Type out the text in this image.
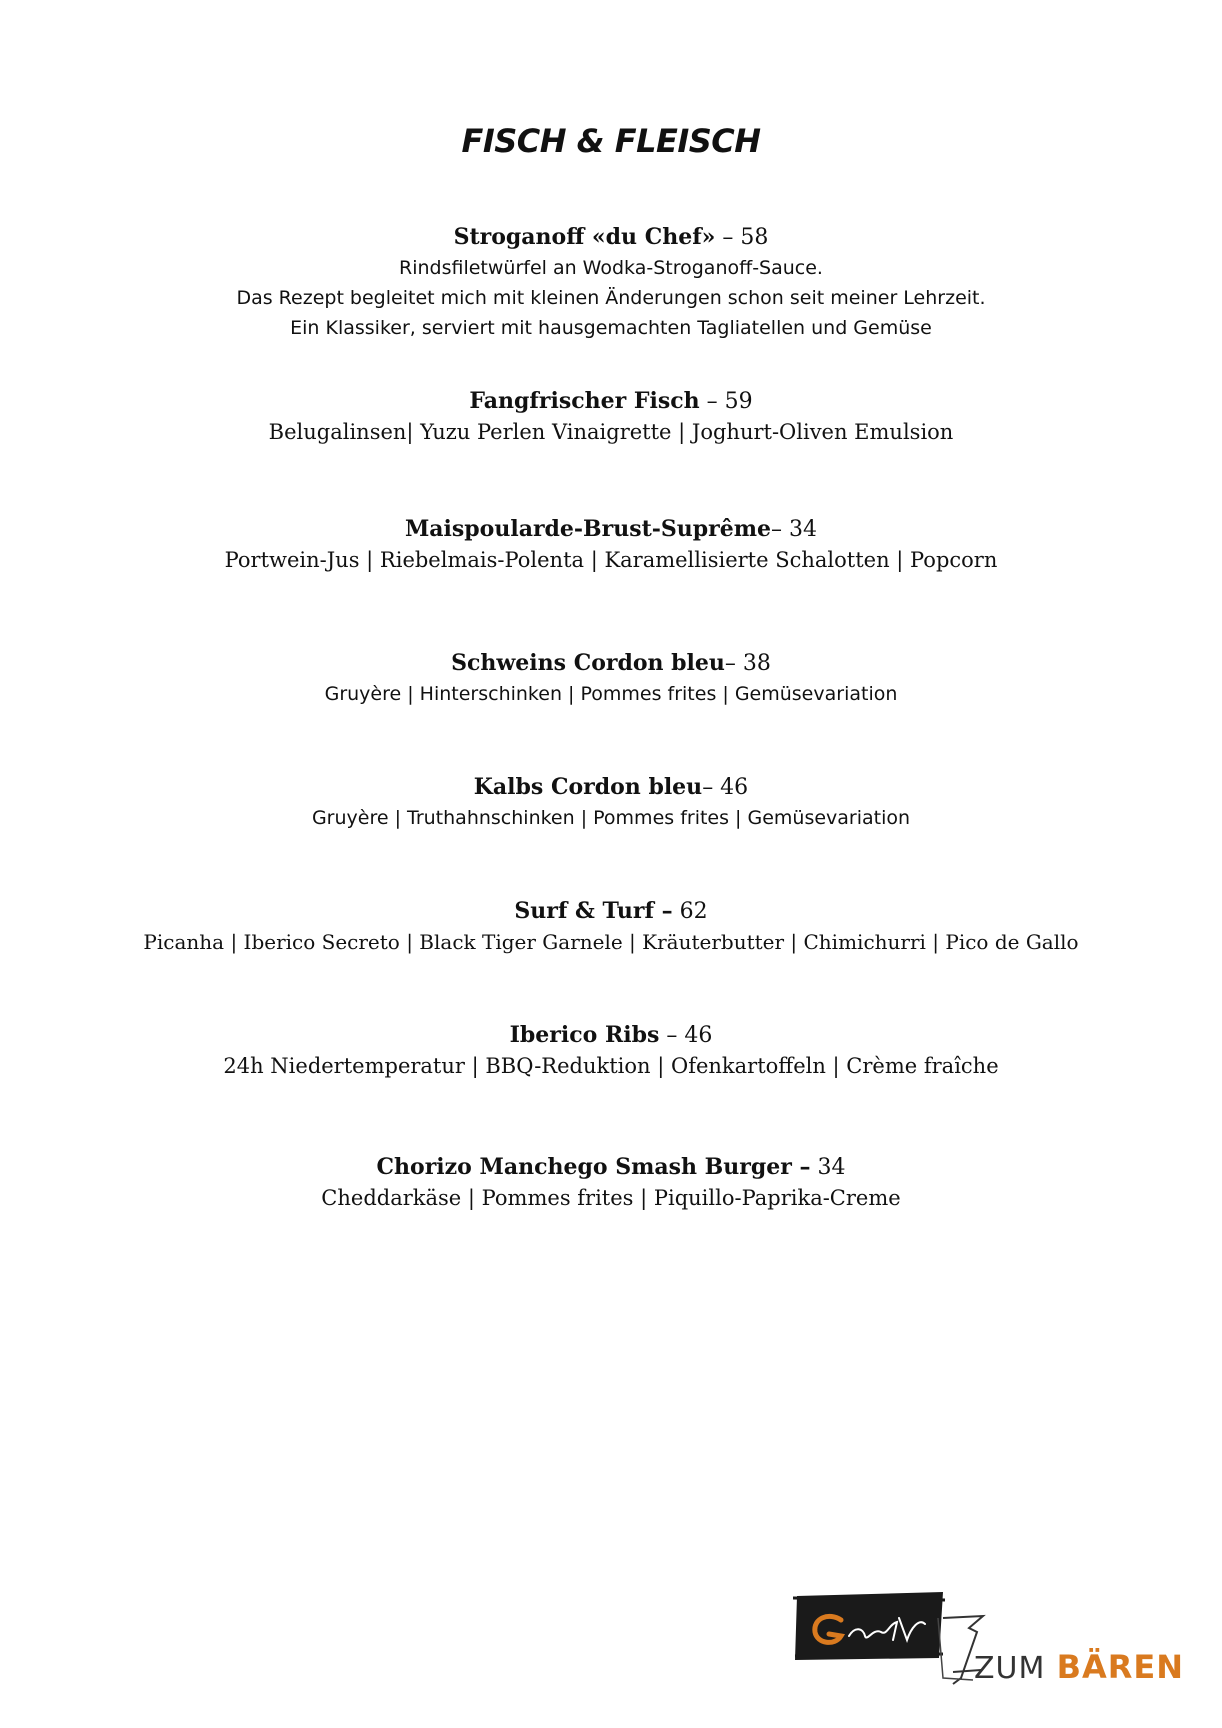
FISCH & FLEISCH
Stroganoff «du Chef» – 58
Rindsfiletwürfel an Wodka-Stroganoff-Sauce.
Das Rezept begleitet mich mit kleinen Änderungen schon seit meiner Lehrzeit.
Ein Klassiker, serviert mit hausgemachten Tagliatellen und Gemüse
Fangfrischer Fisch – 59
Belugalinsen| Yuzu Perlen Vinaigrette | Joghurt-Oliven Emulsion
Maispoularde-Brust-Suprême– 34
Portwein-Jus | Riebelmais-Polenta | Karamellisierte Schalotten | Popcorn
Schweins Cordon bleu– 38
Gruyère | Hinterschinken | Pommes frites | Gemüsevariation
Kalbs Cordon bleu– 46
Gruyère | Truthahnschinken | Pommes frites | Gemüsevariation
Surf & Turf – 62
Picanha | Iberico Secreto | Black Tiger Garnele | Kräuterbutter | Chimichurri | Pico de Gallo
Iberico Ribs – 46
24h Niedertemperatur | BBQ-Reduktion | Ofenkartoffeln | Crème fraîche
Chorizo Manchego Smash Burger – 34
Cheddarkäse | Pommes frites | Piquillo-Paprika-Creme
ZUM BÄREN
